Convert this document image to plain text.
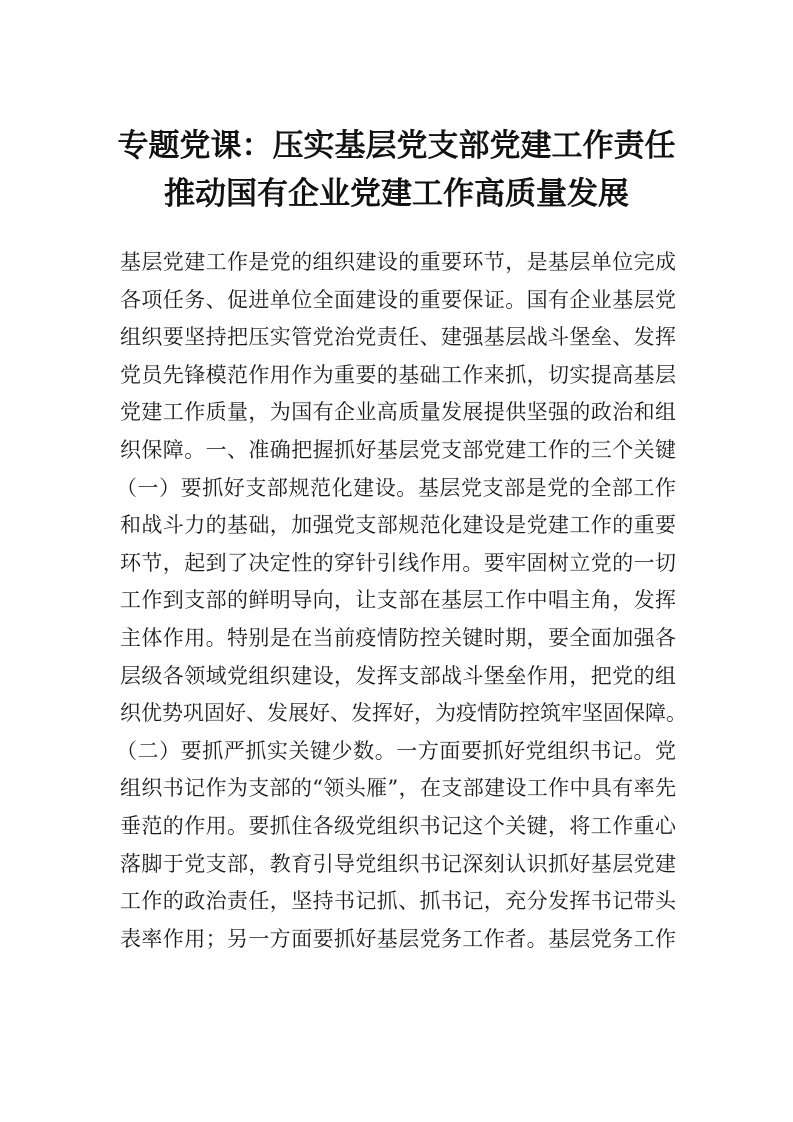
专题党课：压实基层党支部党建工作责任
推动国有企业党建工作高质量发展
基层党建工作是党的组织建设的重要环节，是基层单位完成
各项任务、促进单位全面建设的重要保证。国有企业基层党
组织要坚持把压实管党治党责任、建强基层战斗堡垒、发挥
党员先锋模范作用作为重要的基础工作来抓，切实提高基层
党建工作质量，为国有企业高质量发展提供坚强的政治和组
织保障。一、准确把握抓好基层党支部党建工作的三个关键
（一）要抓好支部规范化建设。基层党支部是党的全部工作
和战斗力的基础，加强党支部规范化建设是党建工作的重要
环节，起到了决定性的穿针引线作用。要牢固树立党的一切
工作到支部的鲜明导向，让支部在基层工作中唱主角，发挥
主体作用。特别是在当前疫情防控关键时期，要全面加强各
层级各领域党组织建设，发挥支部战斗堡垒作用，把党的组
织优势巩固好、发展好、发挥好，为疫情防控筑牢坚固保障。
（二）要抓严抓实关键少数。一方面要抓好党组织书记。党
组织书记作为支部的“领头雁”，在支部建设工作中具有率先
垂范的作用。要抓住各级党组织书记这个关键，将工作重心
落脚于党支部，教育引导党组织书记深刻认识抓好基层党建
工作的政治责任，坚持书记抓、抓书记，充分发挥书记带头
表率作用；另一方面要抓好基层党务工作者。基层党务工作
